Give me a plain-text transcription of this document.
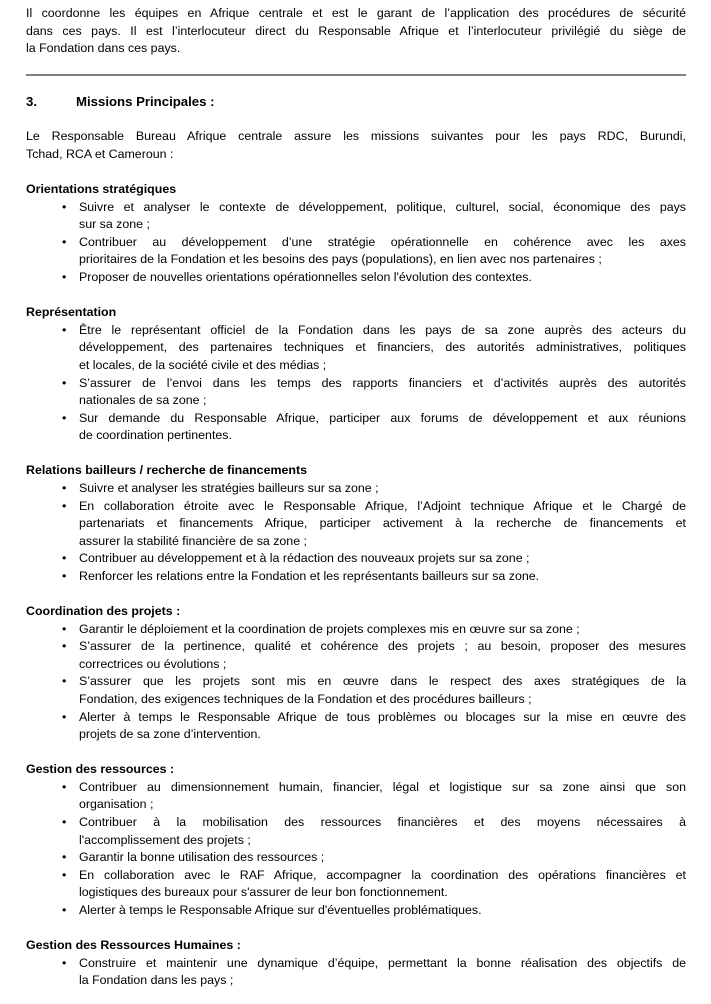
Il coordonne les équipes en Afrique centrale et est le garant de l’application des procédures de sécurité
dans ces pays. Il est l’interlocuteur direct du Responsable Afrique et l’interlocuteur privilégié du siège de
la Fondation dans ces pays.
3.	Missions Principales :
Le Responsable Bureau Afrique centrale assure les missions suivantes pour les pays RDC, Burundi,
Tchad, RCA et Cameroun :
Orientations stratégiques
• Suivre et analyser le contexte de développement, politique, culturel, social, économique des pays
sur sa zone ;
• Contribuer au développement d’une stratégie opérationnelle en cohérence avec les axes
prioritaires de la Fondation et les besoins des pays (populations), en lien avec nos partenaires ;
• Proposer de nouvelles orientations opérationnelles selon l'évolution des contextes.
Représentation
• Être le représentant officiel de la Fondation dans les pays de sa zone auprès des acteurs du
développement, des partenaires techniques et financiers, des autorités administratives, politiques
et locales, de la société civile et des médias ;
• S’assurer de l’envoi dans les temps des rapports financiers et d’activités auprès des autorités
nationales de sa zone ;
• Sur demande du Responsable Afrique, participer aux forums de développement et aux réunions
de coordination pertinentes.
Relations bailleurs / recherche de financements
• Suivre et analyser les stratégies bailleurs sur sa zone ;
• En collaboration étroite avec le Responsable Afrique, l’Adjoint technique Afrique et le Chargé de
partenariats et financements Afrique, participer activement à la recherche de financements et
assurer la stabilité financière de sa zone ;
• Contribuer au développement et à la rédaction des nouveaux projets sur sa zone ;
• Renforcer les relations entre la Fondation et les représentants bailleurs sur sa zone.
Coordination des projets :
• Garantir le déploiement et la coordination de projets complexes mis en œuvre sur sa zone ;
• S’assurer de la pertinence, qualité et cohérence des projets ; au besoin, proposer des mesures
correctrices ou évolutions ;
• S’assurer que les projets sont mis en œuvre dans le respect des axes stratégiques de la
Fondation, des exigences techniques de la Fondation et des procédures bailleurs ;
• Alerter à temps le Responsable Afrique de tous problèmes ou blocages sur la mise en œuvre des
projets de sa zone d’intervention.
Gestion des ressources :
• Contribuer au dimensionnement humain, financier, légal et logistique sur sa zone ainsi que son
organisation ;
• Contribuer à la mobilisation des ressources financières et des moyens nécessaires à
l'accomplissement des projets ;
• Garantir la bonne utilisation des ressources ;
• En collaboration avec le RAF Afrique, accompagner la coordination des opérations financières et
logistiques des bureaux pour s'assurer de leur bon fonctionnement.
• Alerter à temps le Responsable Afrique sur d'éventuelles problématiques.
Gestion des Ressources Humaines :
• Construire et maintenir une dynamique d’équipe, permettant la bonne réalisation des objectifs de
la Fondation dans les pays ;
